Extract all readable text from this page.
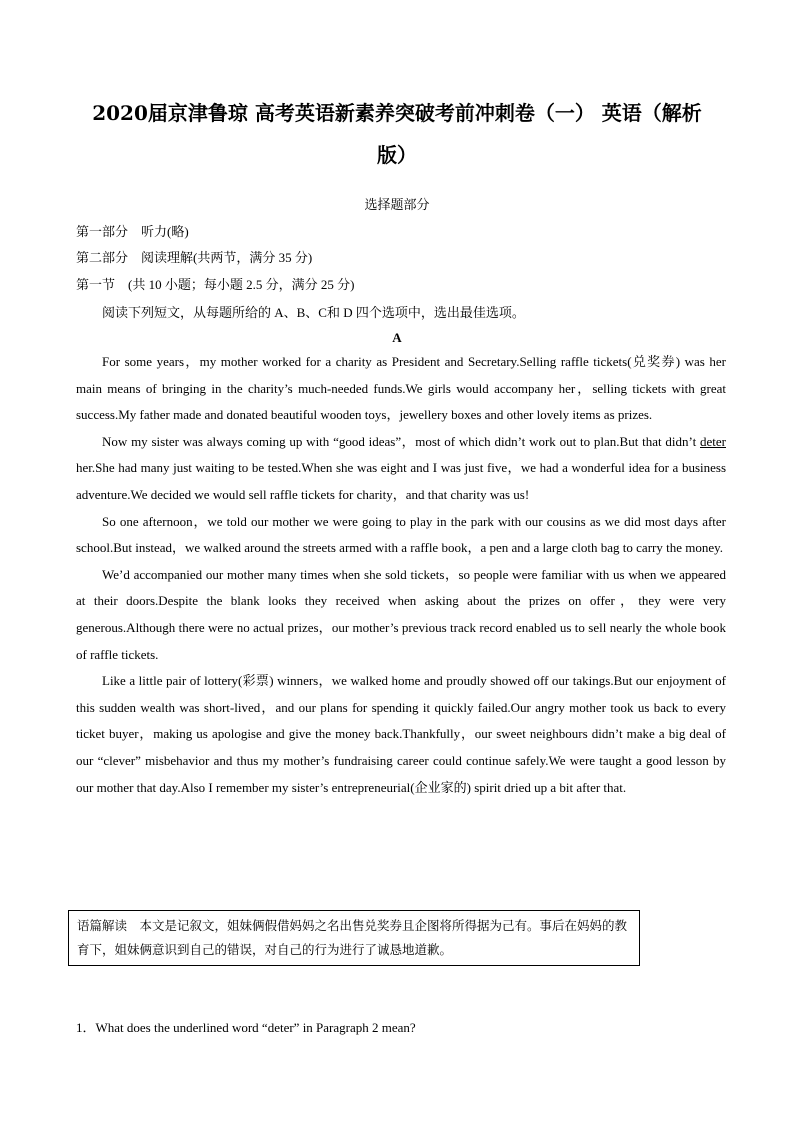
2020届京津鲁琼 高考英语新素养突破考前冲刺卷（一） 英语（解析
版）
选择题部分
第一部分　听力(略)
第二部分　阅读理解(共两节，满分 35 分)
第一节　(共 10 小题；每小题 2.5 分，满分 25 分)
阅读下列短文，从每题所给的 A、B、C和 D 四个选项中，选出最佳选项。
A

For some years，my mother worked for a charity as President and Secretary.Selling raffle tickets(兑奖券) was her main means of bringing in the charity’s much-needed funds.We girls would accompany her，selling tickets with great success.My father made and donated beautiful wooden toys，jewellery boxes and other lovely items as prizes.

Now my sister was always coming up with “good ideas”，most of which didn’t work out to plan.But that didn’t deter her.She had many just waiting to be tested.When she was eight and I was just five，we had a wonderful idea for a business adventure.We decided we would sell raffle tickets for charity，and that charity was us!

So one afternoon，we told our mother we were going to play in the park with our cousins as we did most days after school.But instead，we walked around the streets armed with a raffle book，a pen and a large cloth bag to carry the money.

We’d accompanied our mother many times when she sold tickets，so people were familiar with us when we appeared at their doors.Despite the blank looks they received when asking about the prizes on offer，they were very generous.Although there were no actual prizes，our mother’s previous track record enabled us to sell nearly the whole book of raffle tickets.

Like a little pair of lottery(彩票) winners，we walked home and proudly showed off our takings.But our enjoyment of this sudden wealth was short-lived，and our plans for spending it quickly failed.Our angry mother took us back to every ticket buyer，making us apologise and give the money back.Thankfully，our sweet neighbours didn’t make a big deal of our “clever” misbehavior and thus my mother’s fundraising career could continue safely.We were taught a good lesson by our mother that day.Also I remember my sister’s entrepreneurial(企业家的) spirit dried up a bit after that.

语篇解读　本文是记叙文，姐妹俩假借妈妈之名出售兑奖券且企图将所得据为己有。事后在妈妈的教育下，姐妹俩意识到自己的错误，对自己的行为进行了诚恳地道歉。
1．What does the underlined word “deter” in Paragraph 2 mean?
